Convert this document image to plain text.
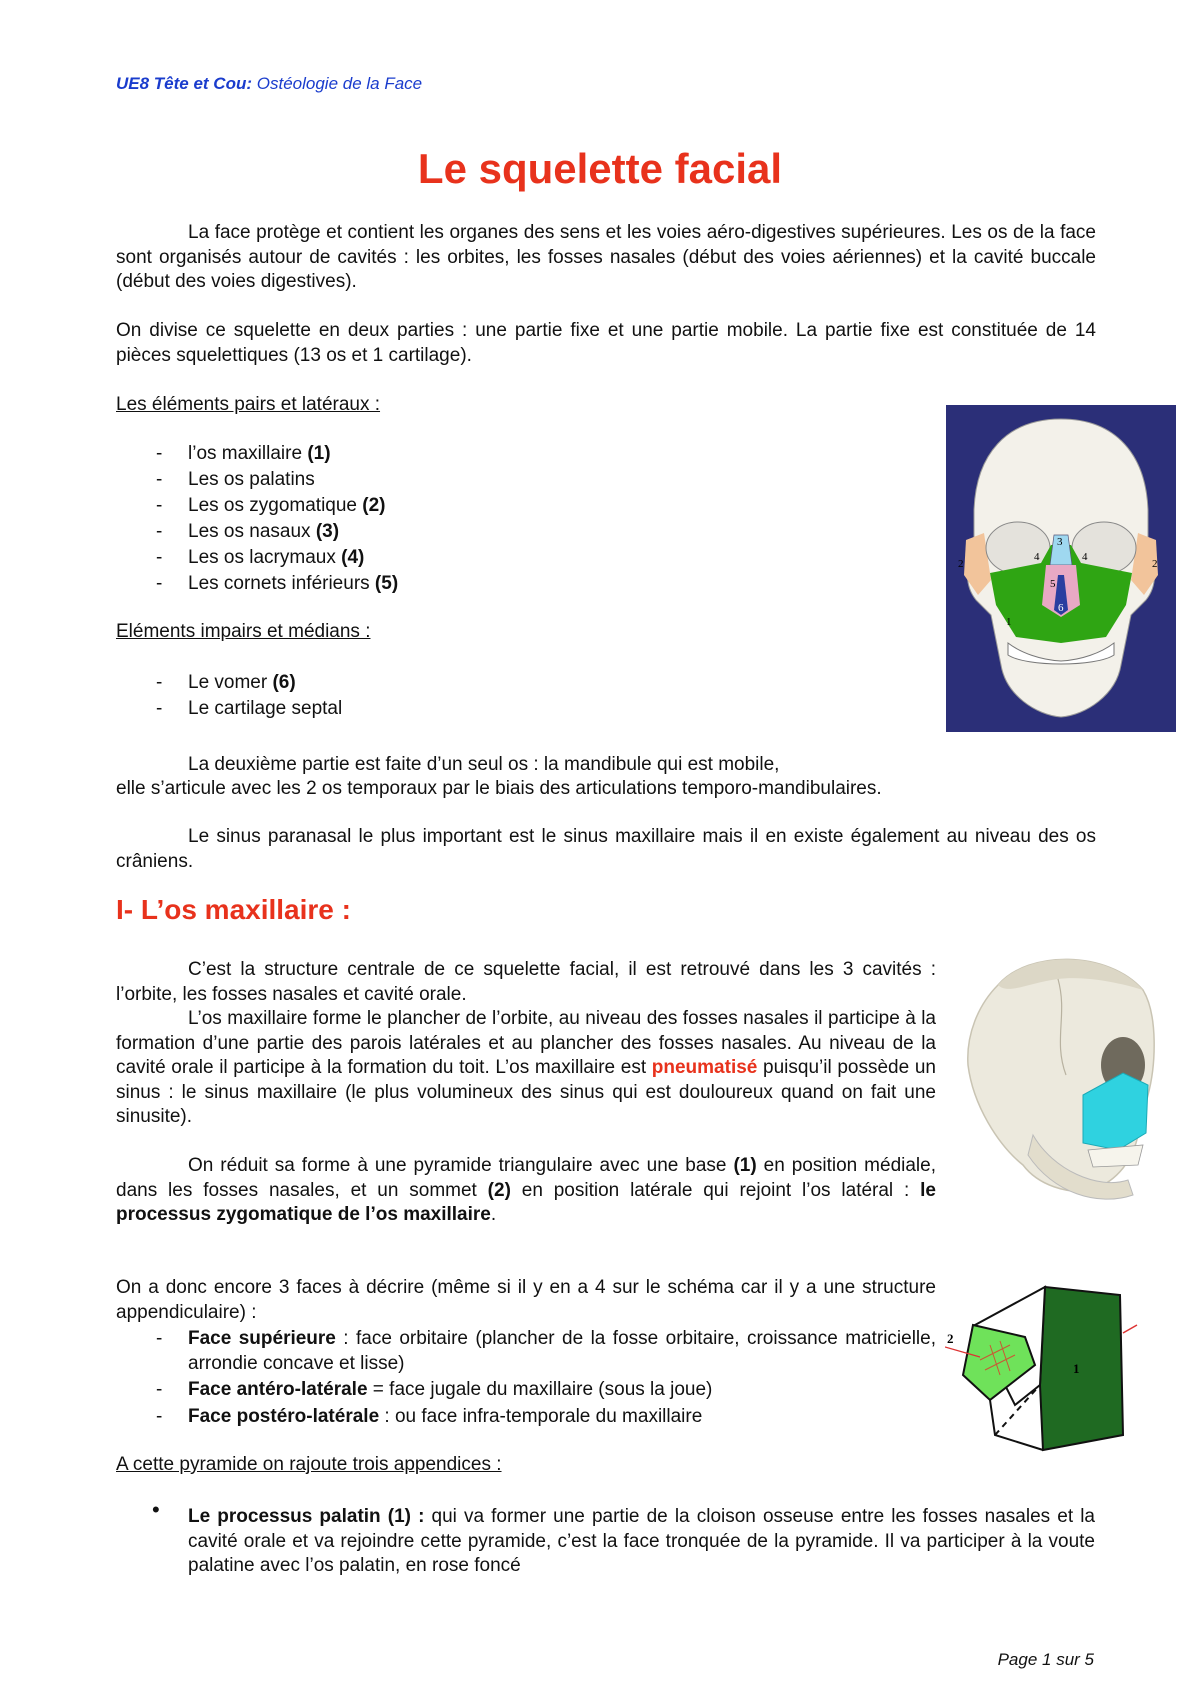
UE8 Tête et Cou: Ostéologie de la Face
Le squelette facial

La face protège et contient les organes des sens et les voies aéro-digestives supérieures. Les os de la face sont organisés autour de cavités : les orbites, les fosses nasales (début des voies aériennes) et la cavité buccale (début des voies digestives).

On divise ce squelette en deux parties : une partie fixe et une partie mobile. La partie fixe est constituée de 14 pièces squelettiques (13 os et 1 cartilage).

Les éléments pairs et latéraux :

- l’os maxillaire (1)
- Les os palatins
- Les os zygomatique (2)
- Les os nasaux (3)
- Les os lacrymaux (4)
- Les cornets inférieurs (5)

Eléments impairs et médians :

- Le vomer (6)
- Le cartilage septal
1
2	2
3
4	4
5
6

La deuxième partie est faite d’un seul os : la mandibule qui est mobile,

elle s’articule avec les 2 os temporaux par le biais des articulations temporo-mandibulaires.

Le sinus paranasal le plus important est le sinus maxillaire mais il en existe également au niveau des os crâniens.

I- L’os maxillaire :

C’est la structure centrale de ce squelette facial, il est retrouvé dans les 3 cavités : l’orbite, les fosses nasales et cavité orale.

L’os maxillaire forme le plancher de l’orbite, au niveau des fosses nasales il participe à la formation d’une partie des parois latérales et au plancher des fosses nasales. Au niveau de la cavité orale il participe à la formation du toit. L’os maxillaire est pneumatisé puisqu’il possède un sinus : le sinus maxillaire (le plus volumineux des sinus qui est douloureux quand on fait une sinusite).

On réduit sa forme à une pyramide triangulaire avec une base (1) en position médiale, dans les fosses nasales, et un sommet (2) en position latérale qui rejoint l’os latéral : le processus zygomatique de l’os maxillaire.

On a donc encore 3 faces à décrire (même si il y en a 4 sur le schéma car il y a une structure appendiculaire) :

- Face supérieure : face orbitaire (plancher de la fosse orbitaire, croissance matricielle, arrondie concave et lisse)
- Face antéro-latérale = face jugale du maxillaire (sous la joue)
- Face postéro-latérale : ou face infra-temporale du maxillaire
2
1

A cette pyramide on rajoute trois appendices :

• Le processus palatin (1) : qui va former une partie de la cloison osseuse entre les fosses nasales et la cavité orale et va rejoindre cette pyramide, c’est la face tronquée de la pyramide. Il va participer à la voute palatine avec l’os palatin, en rose foncé

Page 1 sur 5
